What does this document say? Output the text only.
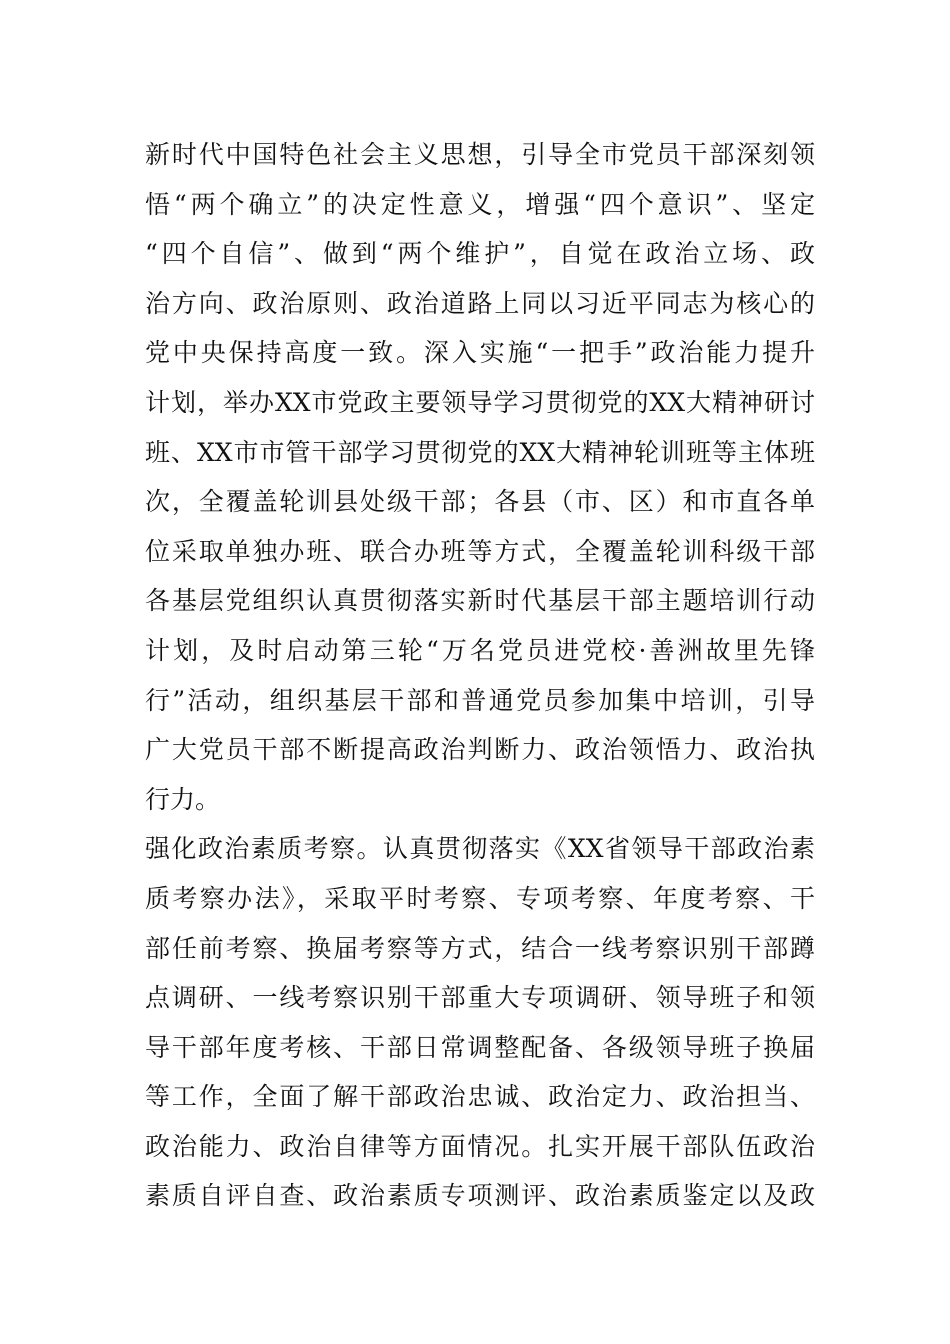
新时代中国特色社会主义思想，引导全市党员干部深刻领
悟“两个确立”的决定性意义，增强“四个意识”、坚定
“四个自信”、做到“两个维护”，自觉在政治立场、政
治方向、政治原则、政治道路上同以习近平同志为核心的
党中央保持高度一致。深入实施“一把手”政治能力提升
计划，举办XX市党政主要领导学习贯彻党的XX大精神研讨
班、XX市市管干部学习贯彻党的XX大精神轮训班等主体班
次，全覆盖轮训县处级干部；各县（市、区）和市直各单
位采取单独办班、联合办班等方式，全覆盖轮训科级干部
各基层党组织认真贯彻落实新时代基层干部主题培训行动
计划，及时启动第三轮“万名党员进党校·善洲故里先锋
行”活动，组织基层干部和普通党员参加集中培训，引导
广大党员干部不断提高政治判断力、政治领悟力、政治执
行力。
强化政治素质考察。认真贯彻落实《XX省领导干部政治素
质考察办法》，采取平时考察、专项考察、年度考察、干
部任前考察、换届考察等方式，结合一线考察识别干部蹲
点调研、一线考察识别干部重大专项调研、领导班子和领
导干部年度考核、干部日常调整配备、各级领导班子换届
等工作，全面了解干部政治忠诚、政治定力、政治担当、
政治能力、政治自律等方面情况。扎实开展干部队伍政治
素质自评自查、政治素质专项测评、政治素质鉴定以及政
